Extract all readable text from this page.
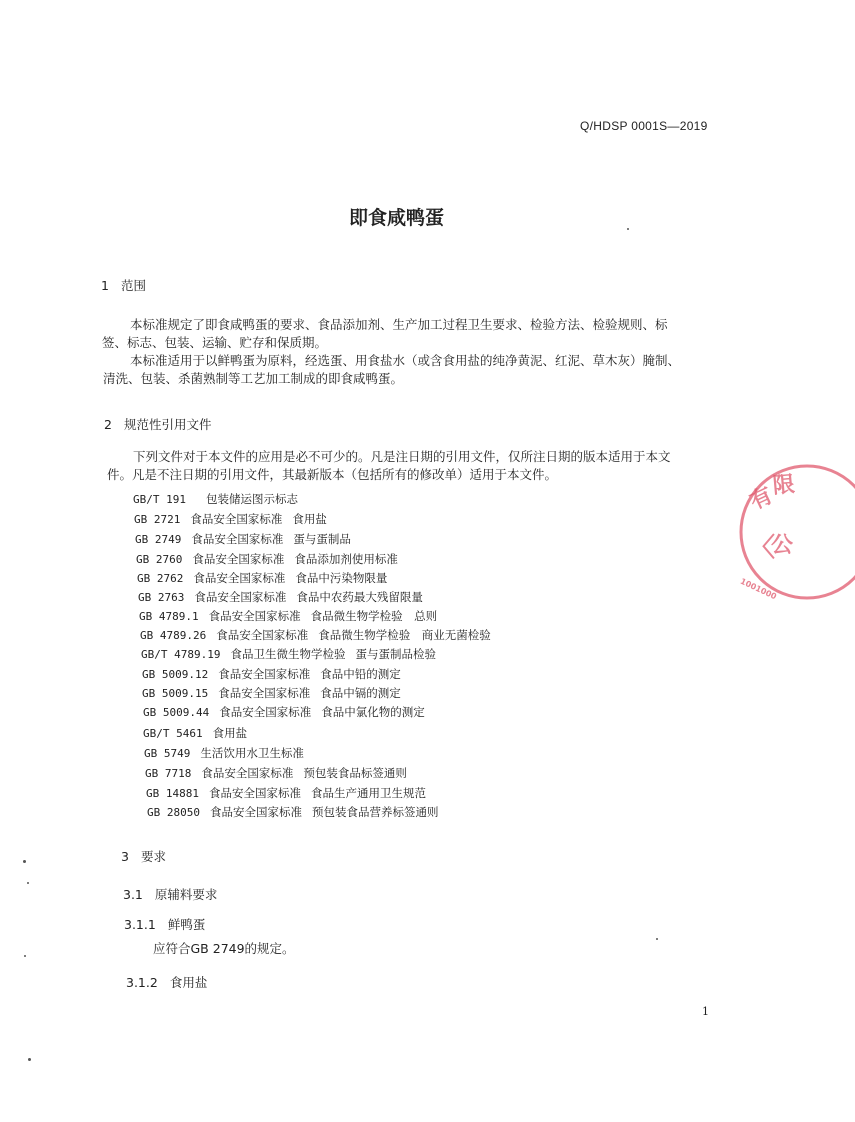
Q/HDSP 0001S—2019
即食咸鸭蛋
1 范围
本标准规定了即食咸鸭蛋的要求、食品添加剂、生产加工过程卫生要求、检验方法、检验规则、标
签、标志、包装、运输、贮存和保质期。
本标准适用于以鲜鸭蛋为原料，经选蛋、用食盐水（或含食用盐的纯净黄泥、红泥、草木灰）腌制、
清洗、包装、杀菌熟制等工艺加工制成的即食咸鸭蛋。
2 规范性引用文件
下列文件对于本文件的应用是必不可少的。凡是注日期的引用文件，仅所注日期的版本适用于本文
件。凡是不注日期的引用文件，其最新版本（包括所有的修改单）适用于本文件。
GB/T 191 包装储运图示标志
GB 2721 食品安全国家标准 食用盐
GB 2749 食品安全国家标准 蛋与蛋制品
GB 2760 食品安全国家标准 食品添加剂使用标准
GB 2762 食品安全国家标准 食品中污染物限量
GB 2763 食品安全国家标准 食品中农药最大残留限量
GB 4789.1 食品安全国家标准 食品微生物学检验　总则
GB 4789.26 食品安全国家标准 食品微生物学检验　商业无菌检验
GB/T 4789.19 食品卫生微生物学检验 蛋与蛋制品检验
GB 5009.12 食品安全国家标准 食品中铅的测定
GB 5009.15 食品安全国家标准 食品中镉的测定
GB 5009.44 食品安全国家标准 食品中氯化物的测定
GB/T 5461 食用盐
GB 5749 生活饮用水卫生标准
GB 7718 食品安全国家标准 预包装食品标签通则
GB 14881 食品安全国家标准 食品生产通用卫生规范
GB 28050 食品安全国家标准 预包装食品营养标签通则
3 要求
3.1 原辅料要求
3.1.1 鲜鸭蛋
应符合GB 2749的规定。
3.1.2 食用盐
1
有
限
〈
公
1001000
